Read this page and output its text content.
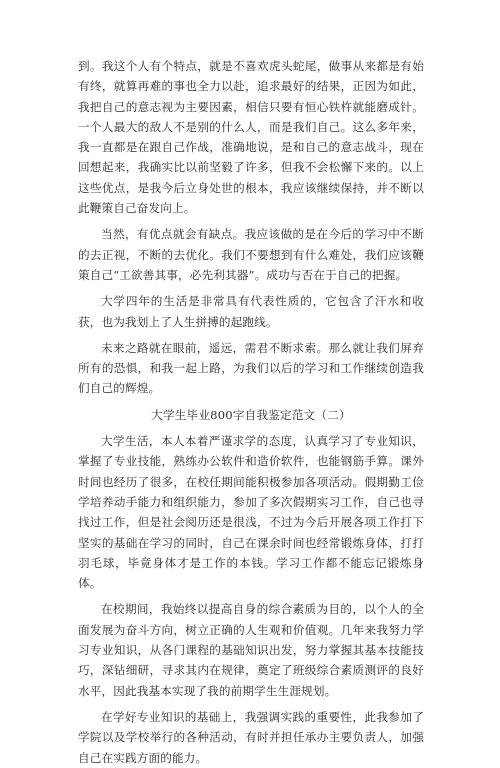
到。我这个人有个特点，就是不喜欢虎头蛇尾，做事从来都是有始有终，就算再难的事也全力以赴，追求最好的结果，正因为如此，我把自己的意志视为主要因素，相信只要有恒心铁杵就能磨成针。一个人最大的敌人不是别的什么人，而是我们自己。这么多年来，我一直都是在跟自己作战，准确地说，是和自己的意志战斗，现在回想起来，我确实比以前坚毅了许多，但我不会松懈下来的。以上这些优点，是我今后立身处世的根本，我应该继续保持，并不断以此鞭策自己奋发向上。

当然，有优点就会有缺点。我应该做的是在今后的学习中不断的去正视，不断的去优化。我们不要想到有什么难处，我们应该鞭策自己“工欲善其事，必先利其器”。成功与否在于自己的把握。

大学四年的生活是非常具有代表性质的，它包含了汗水和收获，也为我划上了人生拼搏的起跑线。

未来之路就在眼前，遥远，需君不断求索。那么就让我们屏弃所有的恐惧，和我一起上路，为我们以后的学习和工作继续创造我们自己的辉煌。

大学生毕业800字自我鉴定范文（二）

大学生活，本人本着严谨求学的态度，认真学习了专业知识，掌握了专业技能，熟练办公软件和造价软件，也能钢筋手算。课外时间也经历了很多，在校任期间能积极参加各项活动。假期勤工俭学培养动手能力和组织能力，参加了多次假期实习工作，自己也寻找过工作，但是社会阅历还是很浅，不过为今后开展各项工作打下坚实的基础在学习的同时，自己在课余时间也经常锻炼身体，打打羽毛球，毕竟身体才是工作的本钱。学习工作都不能忘记锻炼身体。

在校期间，我始终以提高自身的综合素质为目的，以个人的全面发展为奋斗方向，树立正确的人生观和价值观。几年来我努力学习专业知识，从各门课程的基础知识出发，努力掌握其基本技能技巧，深钻细研，寻求其内在规律，奠定了班级综合素质测评的良好水平，因此我基本实现了我的前期学生生涯规划。

在学好专业知识的基础上，我强调实践的重要性，此我参加了学院以及学校举行的各种活动，有时并担任承办主要负责人，加强自己在实践方面的能力。
